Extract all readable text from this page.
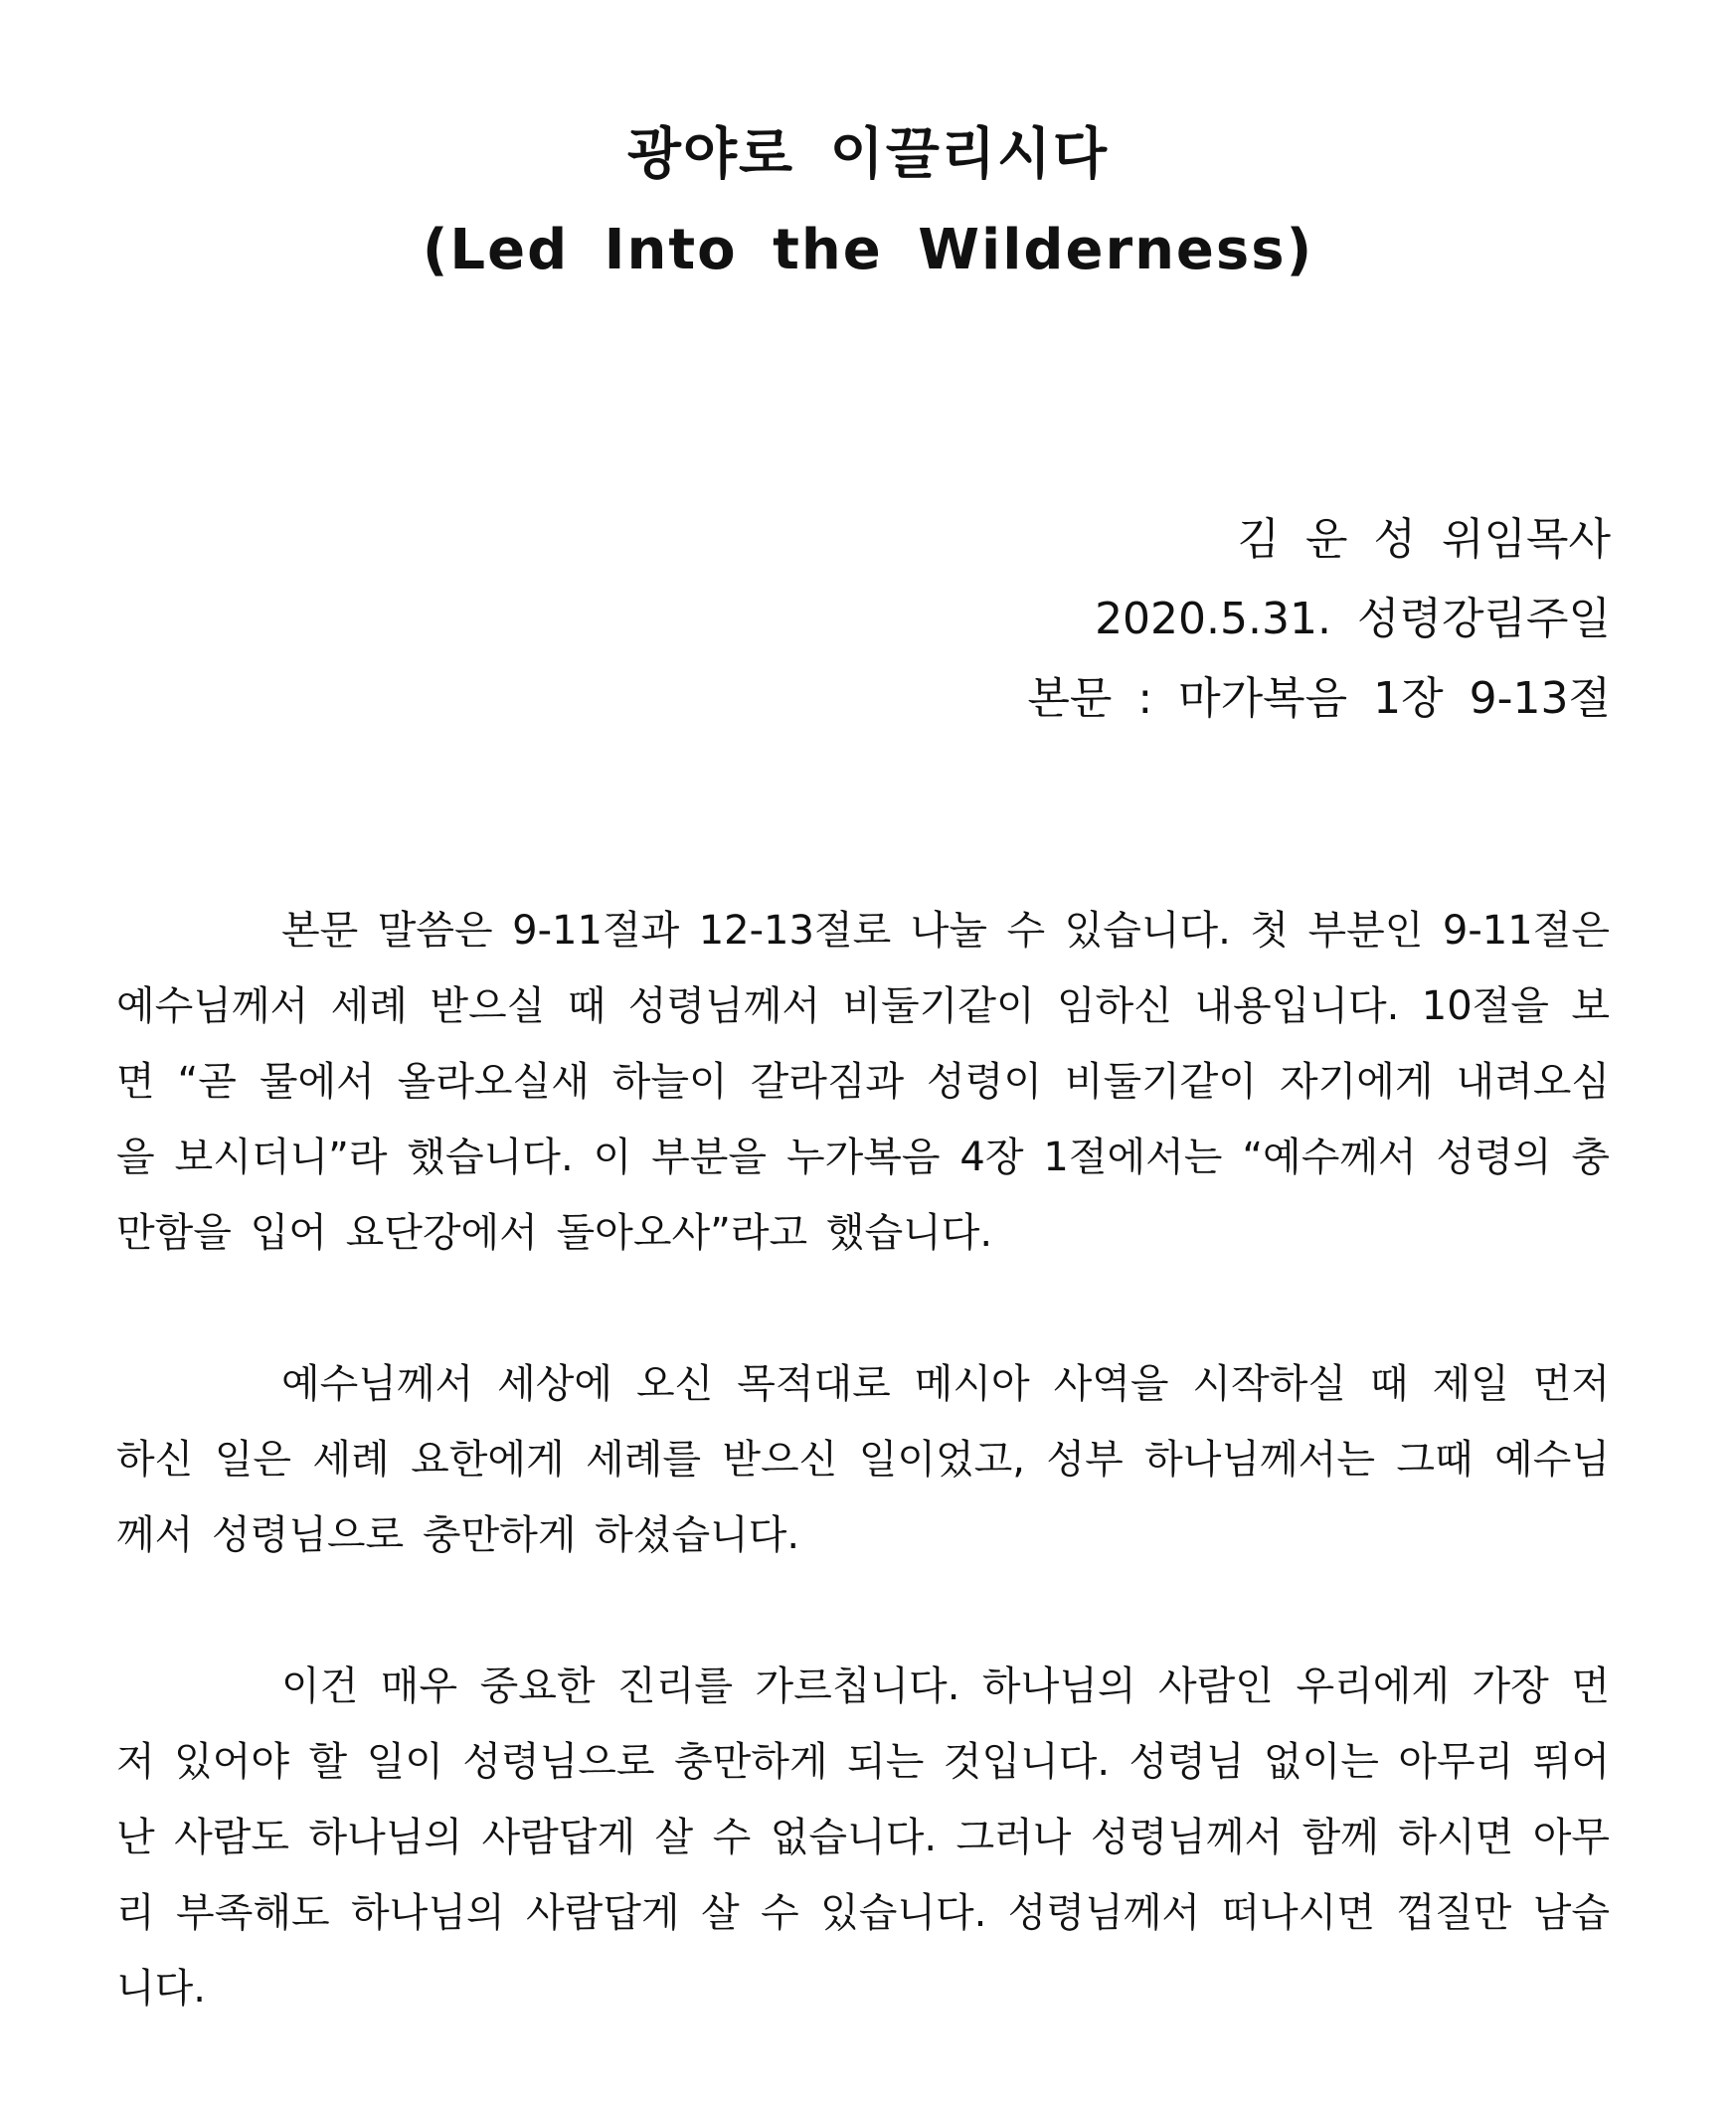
광야로 이끌리시다
(Led Into the Wilderness)
김 운 성 위임목사
2020.5.31. 성령강림주일
본문 : 마가복음 1장 9-13절

본문 말씀은 9-11절과 12-13절로 나눌 수 있습니다. 첫 부분인 9-11절은 예수님께서 세례 받으실 때 성령님께서 비둘기같이 임하신 내용입니다. 10절을 보면 “곧 물에서 올라오실새 하늘이 갈라짐과 성령이 비둘기같이 자기에게 내려오심을 보시더니”라 했습니다. 이 부분을 누가복음 4장 1절에서는 “예수께서 성령의 충만함을 입어 요단강에서 돌아오사”라고 했습니다.

예수님께서 세상에 오신 목적대로 메시아 사역을 시작하실 때 제일 먼저 하신 일은 세례 요한에게 세례를 받으신 일이었고, 성부 하나님께서는 그때 예수님께서 성령님으로 충만하게 하셨습니다.

이건 매우 중요한 진리를 가르칩니다. 하나님의 사람인 우리에게 가장 먼저 있어야 할 일이 성령님으로 충만하게 되는 것입니다. 성령님 없이는 아무리 뛰어난 사람도 하나님의 사람답게 살 수 없습니다. 그러나 성령님께서 함께 하시면 아무리 부족해도 하나님의 사람답게 살 수 있습니다. 성령님께서 떠나시면 껍질만 남습니다.
